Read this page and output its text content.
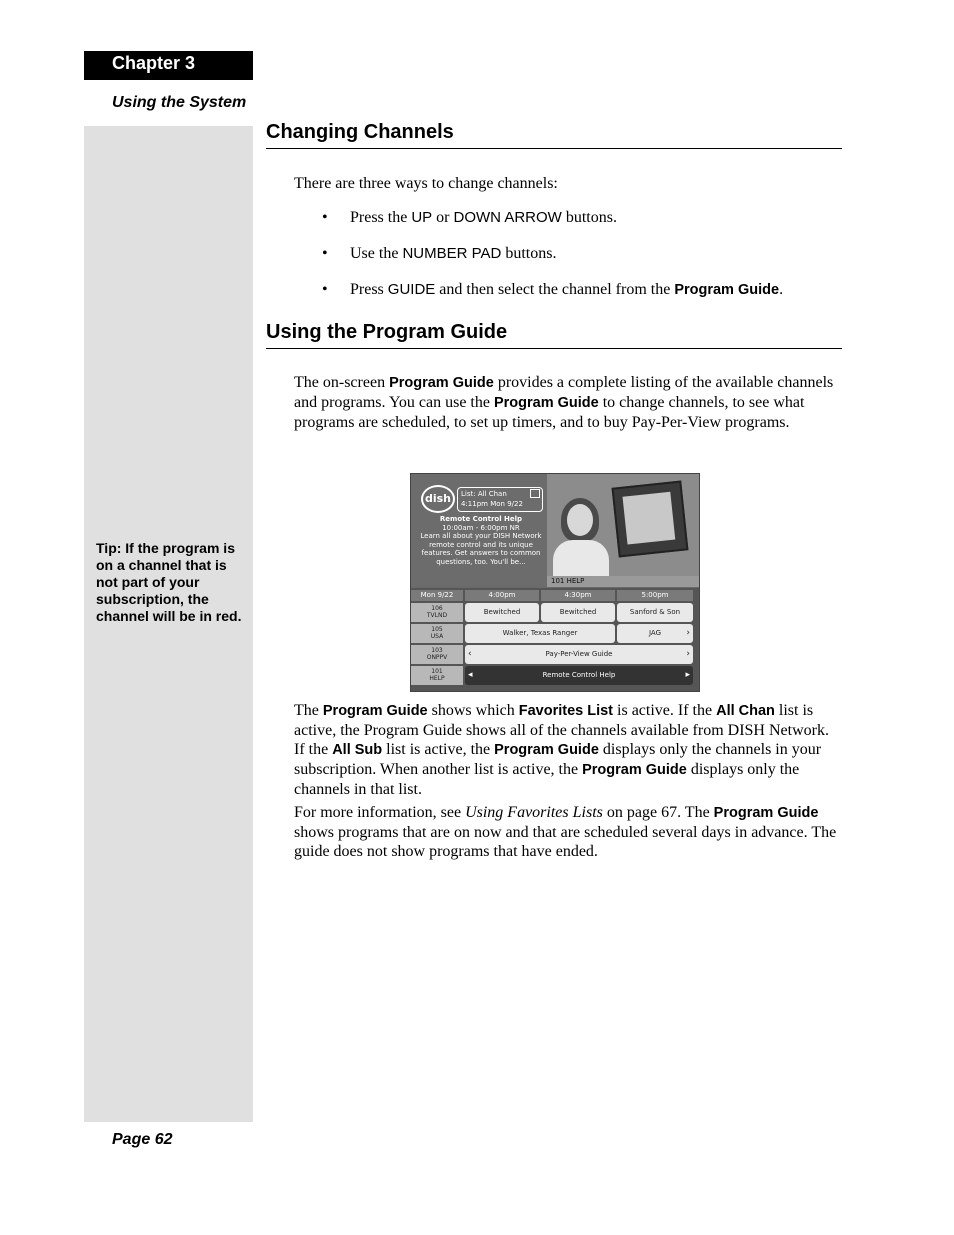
Chapter 3
Using the System
Tip: If the program is on a channel that is not part of your subscription, the channel will be in red.
Page 62
Changing Channels
There are three ways to change channels:
• Press the UP or DOWN ARROW buttons.
• Use the NUMBER PAD buttons.
• Press GUIDE and then select the channel from the Program Guide.
Using the Program Guide
The on-screen Program Guide provides a complete listing of the available channels and programs. You can use the Program Guide to change channels, to see what programs are scheduled, to set up timers, and to buy Pay-Per-View programs.
dish	List: All Chan
4:11pm Mon 9/22
Remote Control Help
10:00am - 6:00pm NR
Learn all about your DISH Network remote control and its unique features. Get answers to common questions, too. You'll be...
101 HELP
Mon 9/22	4:00pm	4:30pm	5:00pm
106
TVLND	Bewitched	Bewitched	Sanford & Son
105
USA	Walker, Texas Ranger	JAG	›
103
ONPPV	‹	Pay-Per-View Guide	›
101
HELP	◂	Remote Control Help	▸
The Program Guide shows which Favorites List is active. If the All Chan list is active, the Program Guide shows all of the channels available from DISH Network. If the All Sub list is active, the Program Guide displays only the channels in your subscription. When another list is active, the Program Guide displays only the channels in that list.
For more information, see Using Favorites Lists on page 67. The Program Guide shows programs that are on now and that are scheduled several days in advance. The guide does not show programs that have ended.
